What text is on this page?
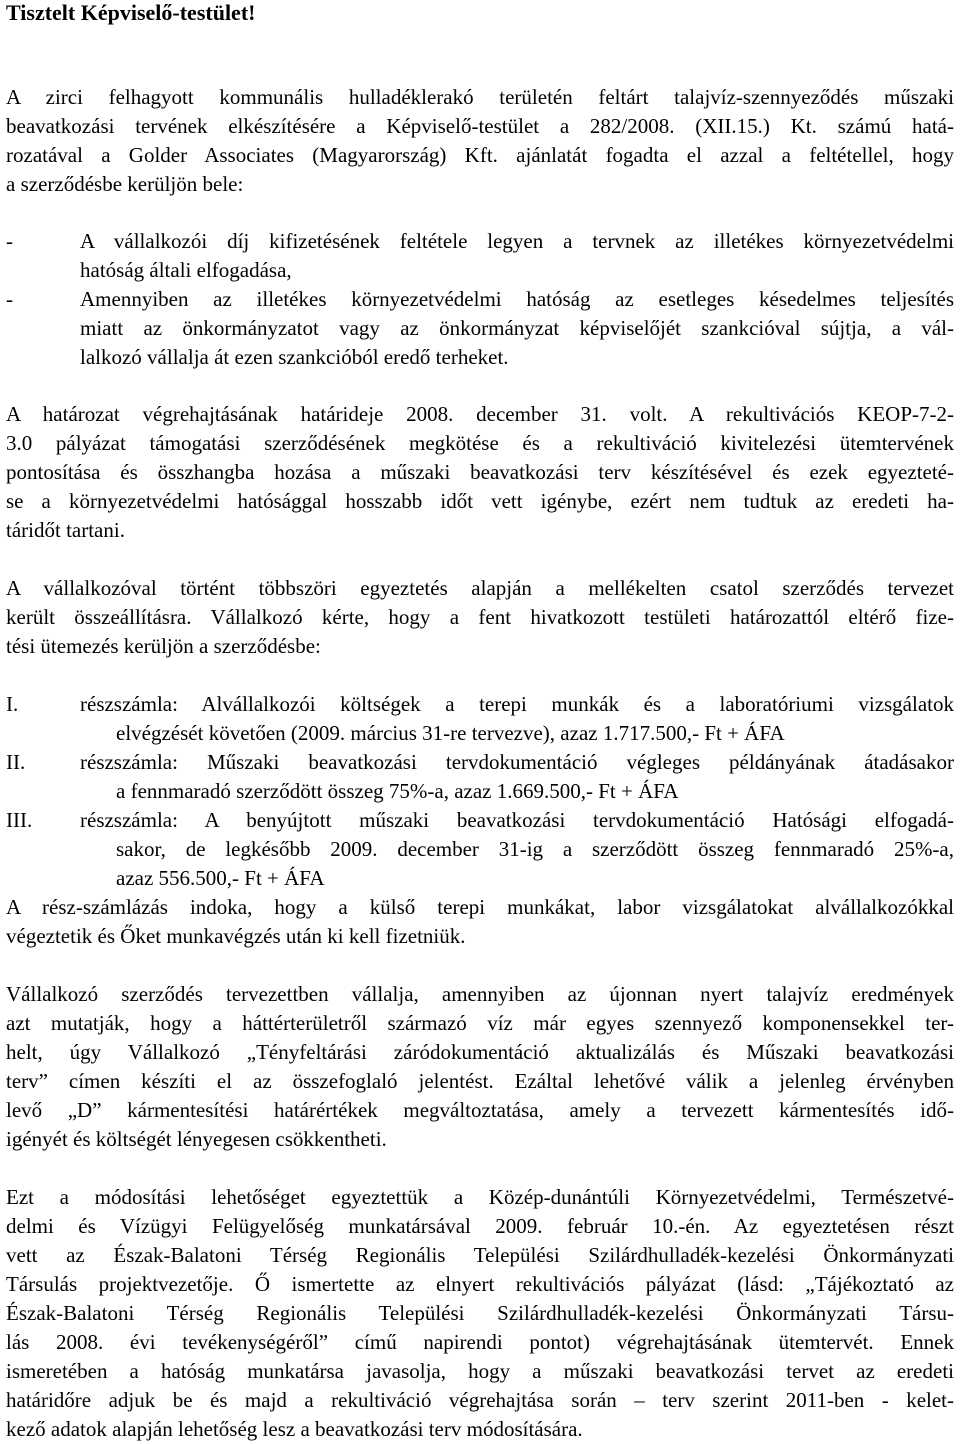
Tisztelt Képviselő-testület!

A zirci felhagyott kommunális hulladéklerakó területén feltárt talajvíz-szennyeződés műszaki

beavatkozási tervének elkészítésére a Képviselő-testület a 282/2008. (XII.15.) Kt. számú hatá-

rozatával a Golder Associates (Magyarország) Kft. ajánlatát fogadta el azzal a feltétellel, hogy

a szerződésbe kerüljön bele:

-	A vállalkozói díj kifizetésének feltétele legyen a tervnek az illetékes környezetvédelmi

hatóság általi elfogadása,

-	Amennyiben az illetékes környezetvédelmi hatóság az esetleges késedelmes teljesítés

miatt az önkormányzatot vagy az önkormányzat képviselőjét szankcióval sújtja, a vál-

lalkozó vállalja át ezen szankcióból eredő terheket.

A határozat végrehajtásának határideje 2008. december 31. volt. A rekultivációs KEOP-7-2-

3.0 pályázat támogatási szerződésének megkötése és a rekultiváció kivitelezési ütemtervének

pontosítása és összhangba hozása a műszaki beavatkozási terv készítésével és ezek egyezteté-

se a környezetvédelmi hatósággal hosszabb időt vett igénybe, ezért nem tudtuk az eredeti ha-

táridőt tartani.

A vállalkozóval történt többszöri egyeztetés alapján a mellékelten csatol szerződés tervezet

került összeállításra. Vállalkozó kérte, hogy a fent hivatkozott testületi határozattól eltérő fize-

tési ütemezés kerüljön a szerződésbe:

I.	részszámla: Alvállalkozói költségek a terepi munkák és a laboratóriumi vizsgálatok

elvégzését követően (2009. március 31-re tervezve), azaz 1.717.500,- Ft + ÁFA

II.	részszámla: Műszaki beavatkozási tervdokumentáció végleges példányának átadásakor

a fennmaradó szerződött összeg 75%-a, azaz 1.669.500,- Ft + ÁFA

III. részszámla: A benyújtott műszaki beavatkozási tervdokumentáció Hatósági elfogadá-

sakor, de legkésőbb 2009. december 31-ig a szerződött összeg fennmaradó 25%-a,

azaz 556.500,- Ft + ÁFA

A rész-számlázás indoka, hogy a külső terepi munkákat, labor vizsgálatokat alvállalkozókkal

végeztetik és Őket munkavégzés után ki kell fizetniük.

Vállalkozó szerződés tervezettben vállalja, amennyiben az újonnan nyert talajvíz eredmények

azt mutatják, hogy a háttérterületről származó víz már egyes szennyező komponensekkel ter-

helt, úgy Vállalkozó „Tényfeltárási záródokumentáció aktualizálás és Műszaki beavatkozási

terv” címen készíti el az összefoglaló jelentést. Ezáltal lehetővé válik a jelenleg érvényben

levő „D” kármentesítési határértékek megváltoztatása, amely a tervezett kármentesítés idő-

igényét és költségét lényegesen csökkentheti.

Ezt a módosítási lehetőséget egyeztettük a Közép-dunántúli Környezetvédelmi, Természetvé-

delmi és Vízügyi Felügyelőség munkatársával 2009. február 10.-én. Az egyeztetésen részt

vett az Észak-Balatoni Térség Regionális Települési Szilárdhulladék-kezelési Önkormányzati

Társulás projektvezetője. Ő ismertette az elnyert rekultivációs pályázat (lásd: „Tájékoztató az

Észak-Balatoni Térség Regionális Települési Szilárdhulladék-kezelési Önkormányzati Társu-

lás 2008. évi tevékenységéről” című napirendi pontot) végrehajtásának ütemtervét. Ennek

ismeretében a hatóság munkatársa javasolja, hogy a műszaki beavatkozási tervet az eredeti

határidőre adjuk be és majd a rekultiváció végrehajtása során – terv szerint 2011-ben - kelet-

kező adatok alapján lehetőség lesz a beavatkozási terv módosítására.
